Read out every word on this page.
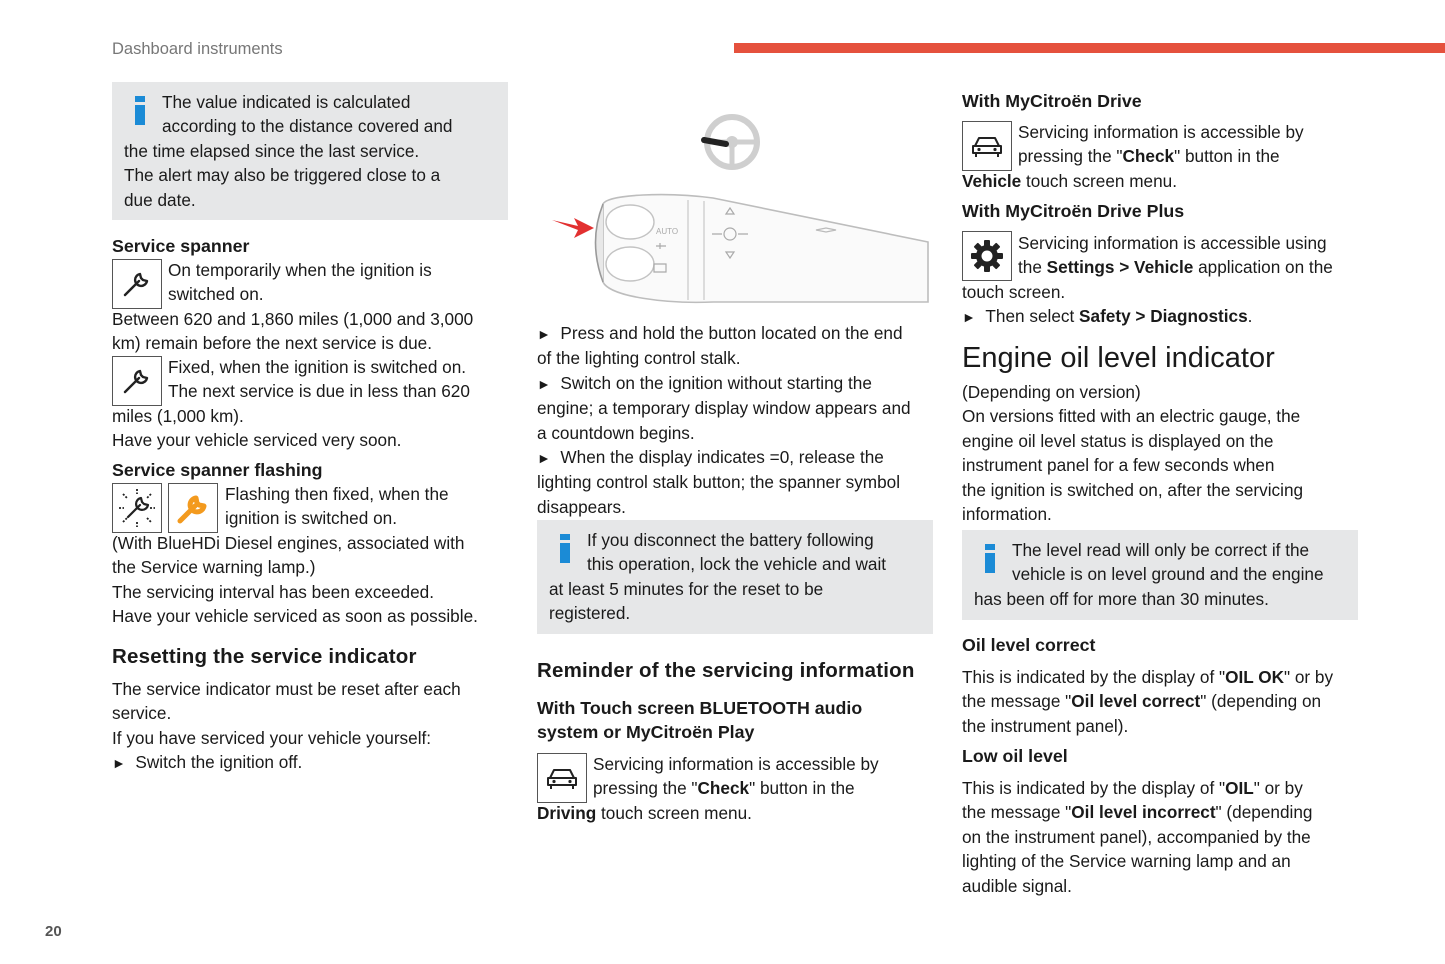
Dashboard instruments
The value indicated is calculated
according to the distance covered and
the time elapsed since the last service.
The alert may also be triggered close to a
due date.
Service spanner
On temporarily when the ignition is
switched on.
Between 620 and 1,860 miles (1,000 and 3,000
km) remain before the next service is due.
Fixed, when the ignition is switched on.
The next service is due in less than 620
miles (1,000 km).
Have your vehicle serviced very soon.
Service spanner flashing
Flashing then fixed, when the
ignition is switched on.
(With BlueHDi Diesel engines, associated with
the Service warning lamp.)
The servicing interval has been exceeded.
Have your vehicle serviced as soon as possible.
Resetting the service indicator
The service indicator must be reset after each
service.
If you have serviced your vehicle yourself:
► Switch the ignition off.
AUTO
► Press and hold the button located on the end
of the lighting control stalk.
► Switch on the ignition without starting the
engine; a temporary display window appears and
a countdown begins.
► When the display indicates =0, release the
lighting control stalk button; the spanner symbol
disappears.
If you disconnect the battery following
this operation, lock the vehicle and wait
at least 5 minutes for the reset to be
registered.
Reminder of the servicing information
With Touch screen BLUETOOTH audio
system or MyCitroën Play
Servicing information is accessible by
pressing the "Check" button in the
Driving touch screen menu.
With MyCitroën Drive
Servicing information is accessible by
pressing the "Check" button in the
Vehicle touch screen menu.
With MyCitroën Drive Plus
Servicing information is accessible using
the Settings > Vehicle application on the
touch screen.
► Then select Safety > Diagnostics.
Engine oil level indicator
(Depending on version)
On versions fitted with an electric gauge, the
engine oil level status is displayed on the
instrument panel for a few seconds when
the ignition is switched on, after the servicing
information.
The level read will only be correct if the
vehicle is on level ground and the engine
has been off for more than 30 minutes.
Oil level correct
This is indicated by the display of "OIL OK" or by
the message "Oil level correct" (depending on
the instrument panel).
Low oil level
This is indicated by the display of "OIL" or by
the message "Oil level incorrect" (depending
on the instrument panel), accompanied by the
lighting of the Service warning lamp and an
audible signal.
20
